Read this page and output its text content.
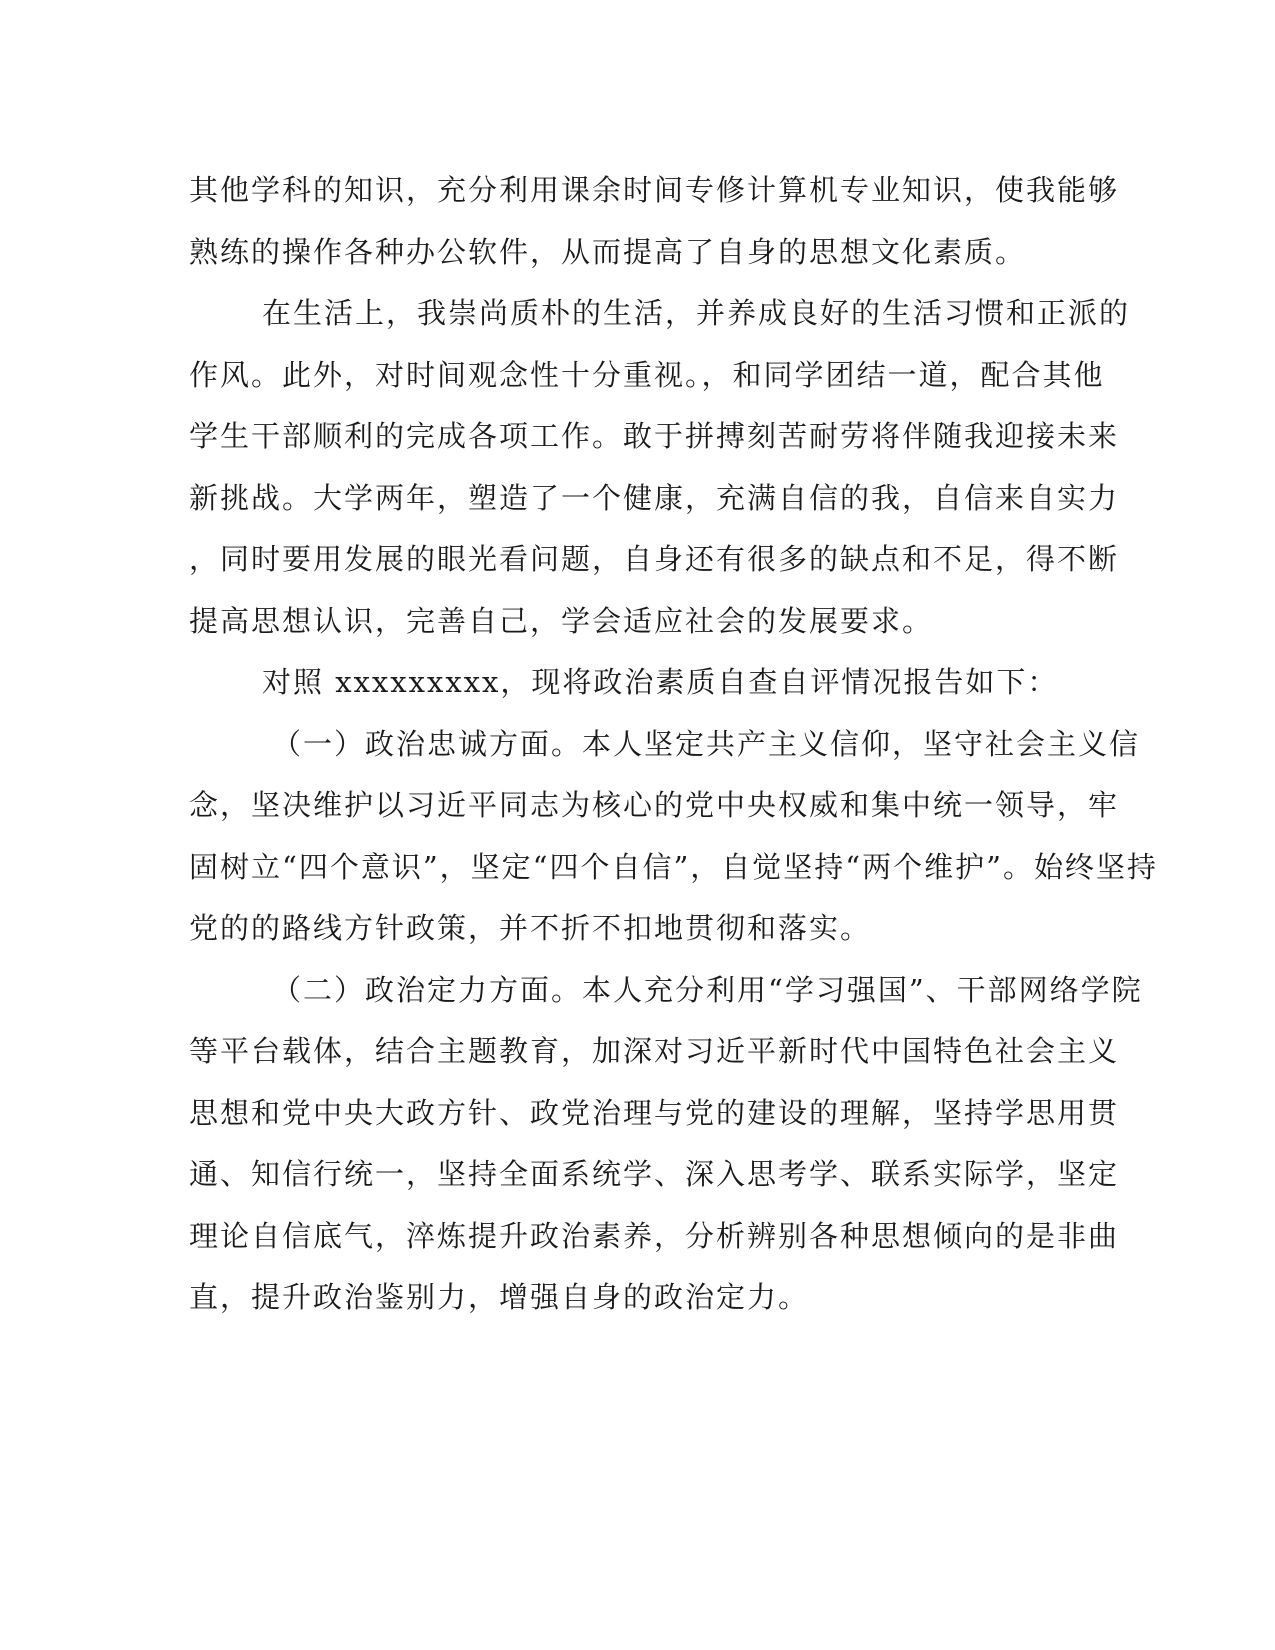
其他学科的知识，充分利用课余时间专修计算机专业知识，使我能够
熟练的操作各种办公软件，从而提高了自身的思想文化素质。
在生活上，我崇尚质朴的生活，并养成良好的生活习惯和正派的
作风。此外，对时间观念性十分重视。，和同学团结一道，配合其他
学生干部顺利的完成各项工作。敢于拼搏刻苦耐劳将伴随我迎接未来
新挑战。大学两年，塑造了一个健康，充满自信的我，自信来自实力
，同时要用发展的眼光看问题，自身还有很多的缺点和不足，得不断
提高思想认识，完善自己，学会适应社会的发展要求。
对照 xxxxxxxxx，现将政治素质自查自评情况报告如下：
（一）政治忠诚方面。本人坚定共产主义信仰，坚守社会主义信
念，坚决维护以习近平同志为核心的党中央权威和集中统一领导，牢
固树立“四个意识”，坚定“四个自信”，自觉坚持“两个维护”。始终坚持
党的的路线方针政策，并不折不扣地贯彻和落实。
（二）政治定力方面。本人充分利用“学习强国”、干部网络学院
等平台载体，结合主题教育，加深对习近平新时代中国特色社会主义
思想和党中央大政方针、政党治理与党的建设的理解，坚持学思用贯
通、知信行统一，坚持全面系统学、深入思考学、联系实际学，坚定
理论自信底气，淬炼提升政治素养，分析辨别各种思想倾向的是非曲
直，提升政治鉴别力，增强自身的政治定力。
